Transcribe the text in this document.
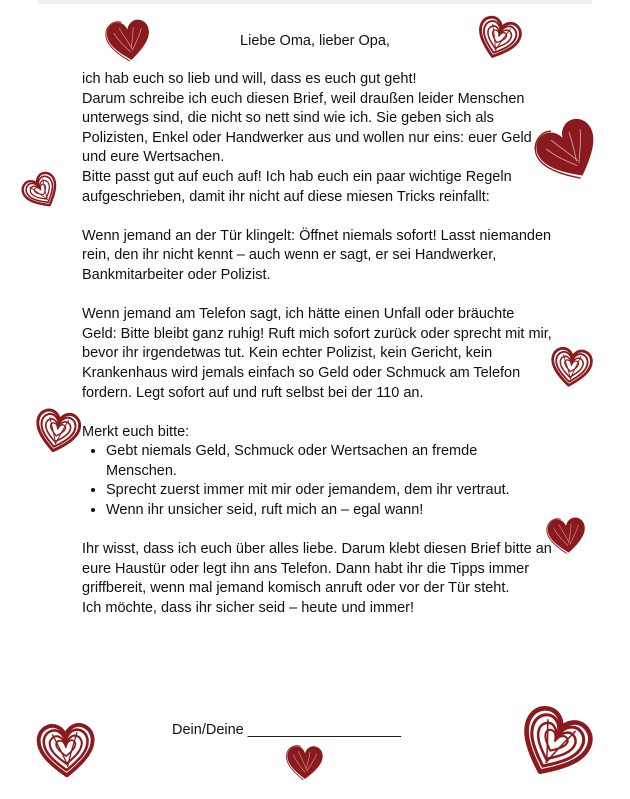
Liebe Oma, lieber Opa,

ich hab euch so lieb und will, dass es euch gut geht!

Darum schreibe ich euch diesen Brief, weil draußen leider Menschen unterwegs sind, die nicht so nett sind wie ich. Sie geben sich als Polizisten, Enkel oder Handwerker aus und wollen nur eins: euer Geld und eure Wertsachen.

Bitte passt gut auf euch auf! Ich hab euch ein paar wichtige Regeln aufgeschrieben, damit ihr nicht auf diese miesen Tricks reinfallt:

Wenn jemand an der Tür klingelt: Öffnet niemals sofort! Lasst niemanden rein, den ihr nicht kennt – auch wenn er sagt, er sei Handwerker, Bankmitarbeiter oder Polizist.

Wenn jemand am Telefon sagt, ich hätte einen Unfall oder bräuchte Geld: Bitte bleibt ganz ruhig! Ruft mich sofort zurück oder sprecht mit mir, bevor ihr irgendetwas tut. Kein echter Polizist, kein Gericht, kein Krankenhaus wird jemals einfach so Geld oder Schmuck am Telefon fordern. Legt sofort auf und ruft selbst bei der 110 an.

Merkt euch bitte:

• Gebt niemals Geld, Schmuck oder Wertsachen an fremde Menschen.
• Sprecht zuerst immer mit mir oder jemandem, dem ihr vertraut.
• Wenn ihr unsicher seid, ruft mich an – egal wann!

Ihr wisst, dass ich euch über alles liebe. Darum klebt diesen Brief bitte an eure Haustür oder legt ihn ans Telefon. Dann habt ihr die Tipps immer griffbereit, wenn mal jemand komisch anruft oder vor der Tür steht.

Ich möchte, dass ihr sicher seid – heute und immer!

Dein/Deine ___________________
